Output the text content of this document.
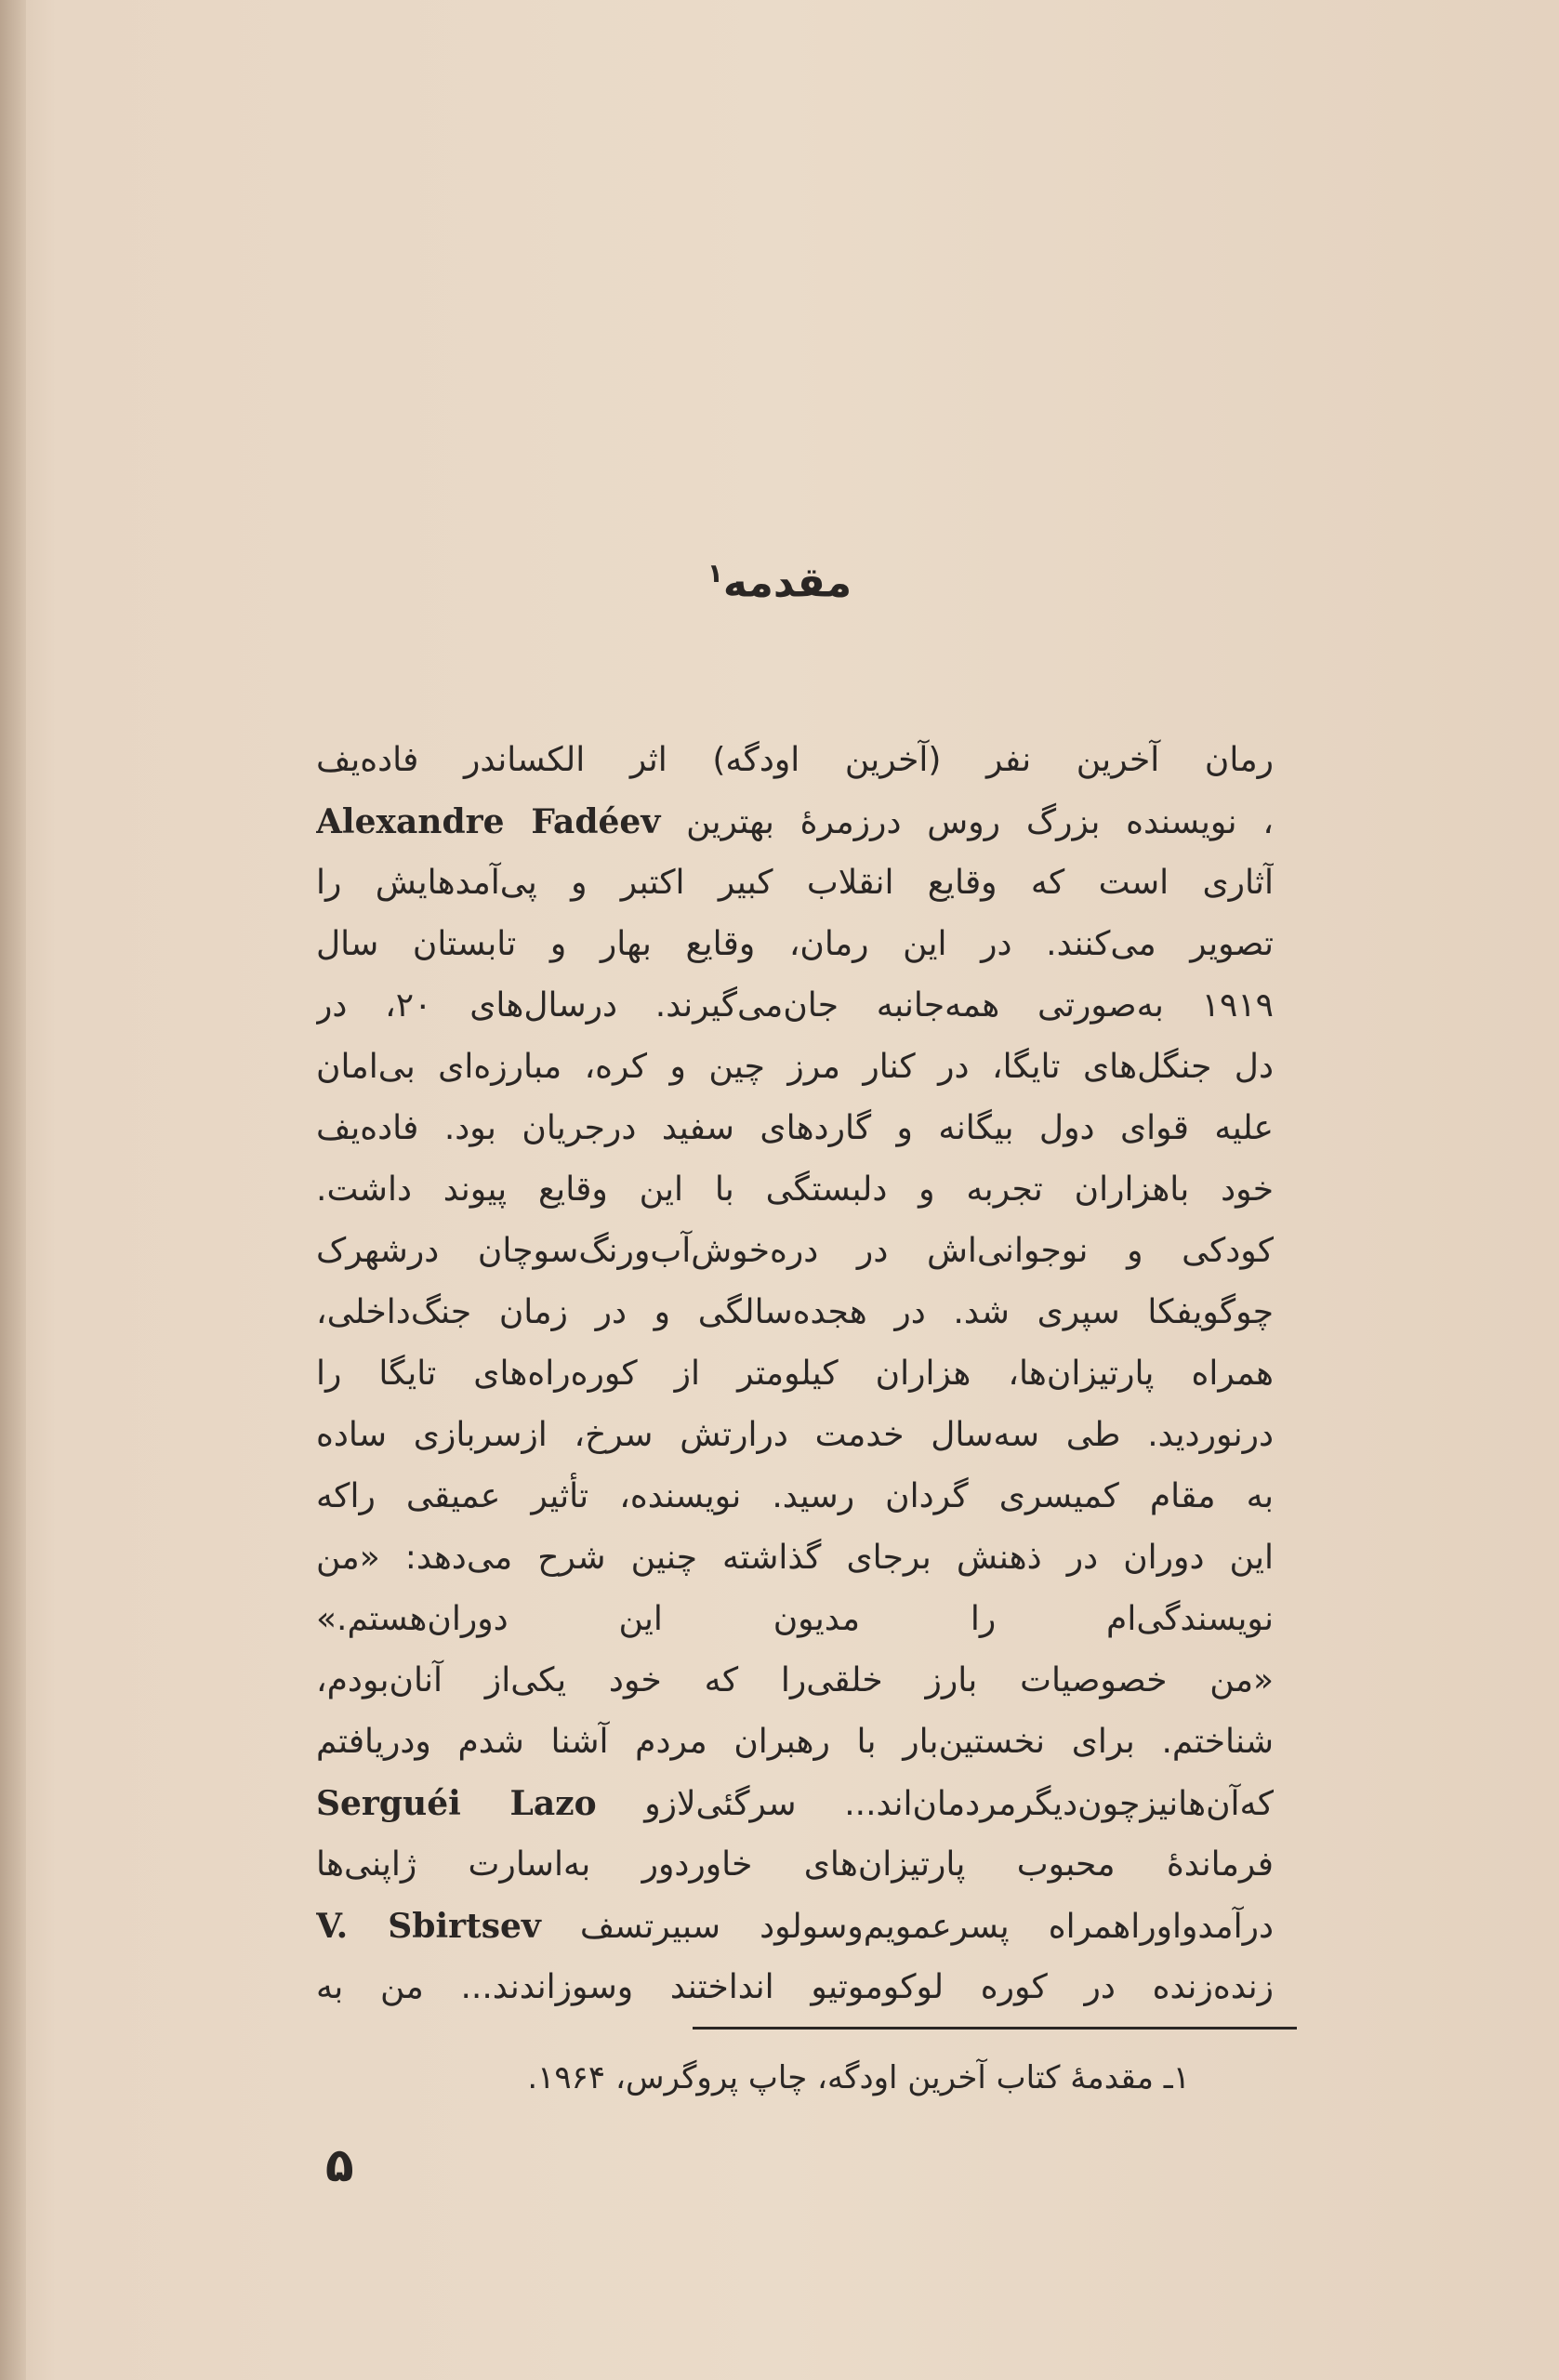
مقدمه$^۱$
رمان آخرین نفر (آخرین اودگه) اثر الکساندر فاده‌یف
، نویسنده بزرگ روس درزمرهٔ بهترین Alexandre Fadéev
آثاری است که وقایع انقلاب کبیر اکتبر و پی‌آمدهایش را
تصویر می‌کنند. در این رمان، وقایع بهار و تابستان سال
۱۹۱۹ به‌صورتی همه‌جانبه جان‌می‌گیرند. درسال‌های ۲۰، در
دل جنگل‌های تایگا، در کنار مرز چین و کره، مبارزه‌ای بی‌امان
علیه قوای دول بیگانه و گاردهای سفید درجریان بود. فاده‌یف
خود باهزاران تجربه و دلبستگی با این وقایع پیوند داشت.
کودکی و نوجوانی‌اش در دره‌خوش‌آب‌ورنگ‌سوچان درشهرک
چوگویفکا سپری شد. در هجده‌سالگی و در زمان جنگ‌داخلی،
همراه پارتیزان‌ها، هزاران کیلومتر از کوره‌راه‌های تایگا را
درنوردید. طی سه‌سال خدمت درارتش سرخ، ازسربازی ساده
به مقام کمیسری گردان رسید. نویسنده، تأثیر عمیقی راکه
این دوران در ذهنش برجای گذاشته چنین شرح می‌دهد: «من
نویسندگی‌ام را مدیون این دوران‌هستم.»
«من خصوصیات بارز خلقی‌را که خود یکی‌از آنان‌بودم،
شناختم. برای نخستین‌بار با رهبران مردم آشنا شدم ودریافتم
که‌آن‌ها‌نیز‌چون‌دیگر‌مردمان‌اند... سرگئی‌لازو Serguéi Lazo
فرماندهٔ محبوب پارتیزان‌های خاوردور به‌اسارت ژاپنی‌ها
درآمدواوراهمراه پسرعمویم‌وسولود سبیرتسف V. Sbirtsev
زنده‌زنده در کوره لوکوموتیو انداختند وسوزاندند... من به
۱ـ مقدمهٔ کتاب آخرین اودگه، چاپ پروگرس، ۱۹۶۴.
۵
